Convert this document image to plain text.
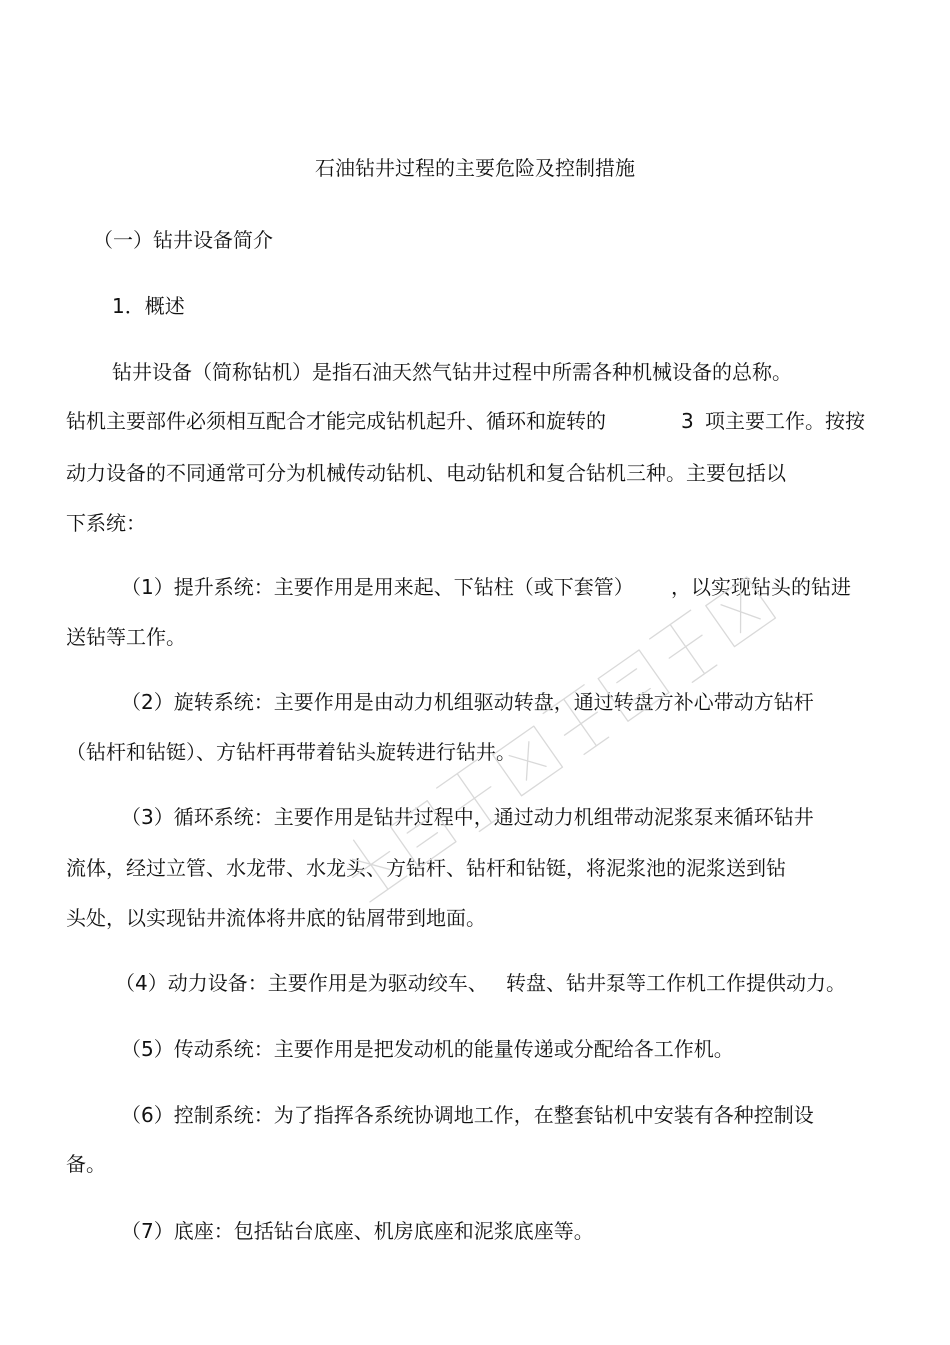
石油钻井过程的主要危险及控制措施
（一）钻井设备简介
1．概述
钻井设备（简称钻机）是指石油天然气钻井过程中所需各种机械设备的总称。
钻机主要部件必须相互配合才能完成钻机起升、循环和旋转的	3 项主要工作。按按
动力设备的不同通常可分为机械传动钻机、电动钻机和复合钻机三种。主要包括以
下系统：
（1）提升系统：主要作用是用来起、下钻柱（或下套管） ，以实现钻头的钻进
送钻等工作。
（2）旋转系统：主要作用是由动力机组驱动转盘，通过转盘方补心带动方钻杆
（钻杆和钻铤）、方钻杆再带着钻头旋转进行钻井。
（3）循环系统：主要作用是钻井过程中，通过动力机组带动泥浆泵来循环钻井
流体，经过立管、水龙带、水龙头、方钻杆、钻杆和钻铤，将泥浆池的泥浆送到钻
头处，以实现钻井流体将井底的钻屑带到地面。
（4）动力设备：主要作用是为驱动绞车、 转盘、钻井泵等工作机工作提供动力。
（5）传动系统：主要作用是把发动机的能量传递或分配给各工作机。
（6）控制系统：为了指挥各系统协调地工作，在整套钻机中安装有各种控制设
备。
（7）底座：包括钻台底座、机房底座和泥浆底座等。
